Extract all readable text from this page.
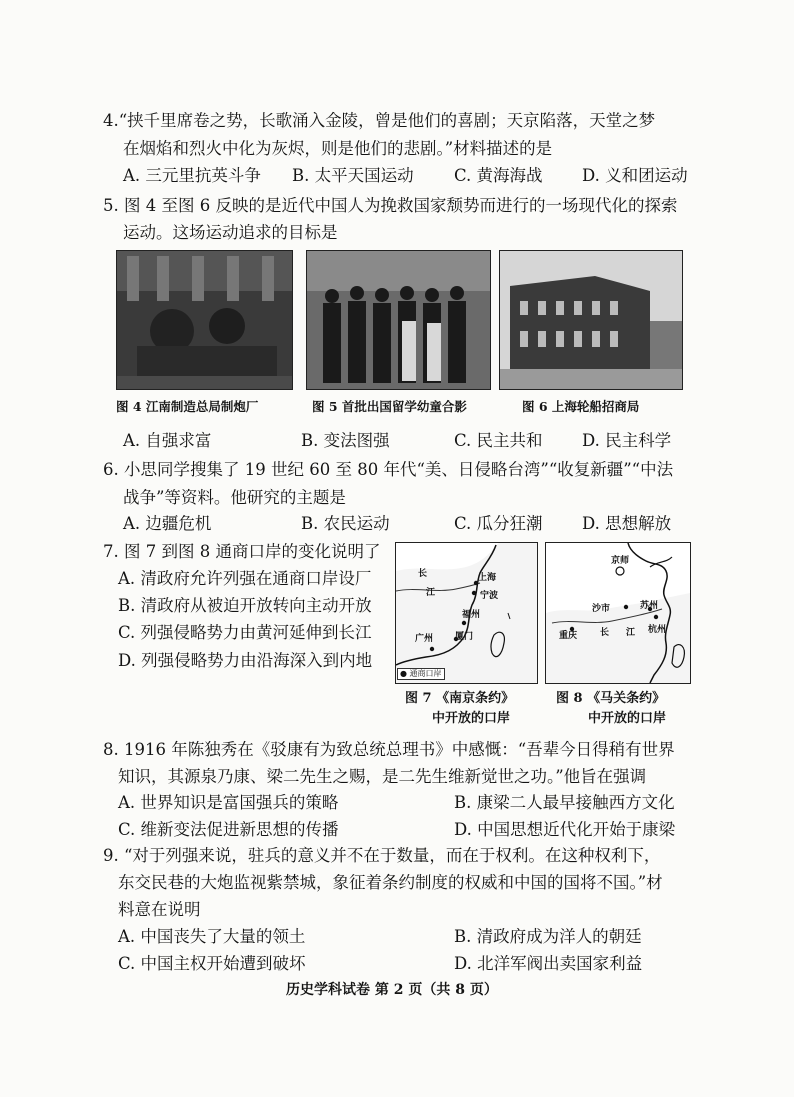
4.“挟千里席卷之势，长歌涌入金陵，曾是他们的喜剧；天京陷落，天堂之梦
在烟焰和烈火中化为灰烬，则是他们的悲剧。”材料描述的是
A. 三元里抗英斗争 B. 太平天国运动 C. 黄海海战 D. 义和团运动
5. 图 4 至图 6 反映的是近代中国人为挽救国家颓势而进行的一场现代化的探索
运动。这场运动追求的目标是
图 4 江南制造总局制炮厂	图 5 首批出国留学幼童合影	图 6 上海轮船招商局
A. 自强求富	B. 变法图强	C. 民主共和 D. 民主科学
6. 小思同学搜集了 19 世纪 60 至 80 年代“美、日侵略台湾”“收复新疆”“中法
战争”等资料。他研究的主题是
A. 边疆危机	B. 农民运动	C. 瓜分狂潮 D. 思想解放
7. 图 7 到图 8 通商口岸的变化说明了
A. 清政府允许列强在通商口岸设厂
B. 清政府从被迫开放转向主动开放
C. 列强侵略势力由黄河延伸到长江
D. 列强侵略势力由沿海深入到内地
长
江
上海
宁波
福州
广州 厦门
● 通商口岸
京师
沙市	苏州
杭州
重庆	长 江
图 7 《南京条约》
中开放的口岸
图 8 《马关条约》
中开放的口岸
8. 1916 年陈独秀在《驳康有为致总统总理书》中感慨：“吾辈今日得稍有世界
知识，其源泉乃康、梁二先生之赐，是二先生维新觉世之功。”他旨在强调
A. 世界知识是富国强兵的策略	B. 康梁二人最早接触西方文化
C. 维新变法促进新思想的传播	D. 中国思想近代化开始于康梁
9. “对于列强来说，驻兵的意义并不在于数量，而在于权利。在这种权利下，
东交民巷的大炮监视紫禁城，象征着条约制度的权威和中国的国将不国。”材
料意在说明
A. 中国丧失了大量的领土	B. 清政府成为洋人的朝廷
C. 中国主权开始遭到破坏	D. 北洋军阀出卖国家利益
历史学科试卷 第 2 页（共 8 页）
